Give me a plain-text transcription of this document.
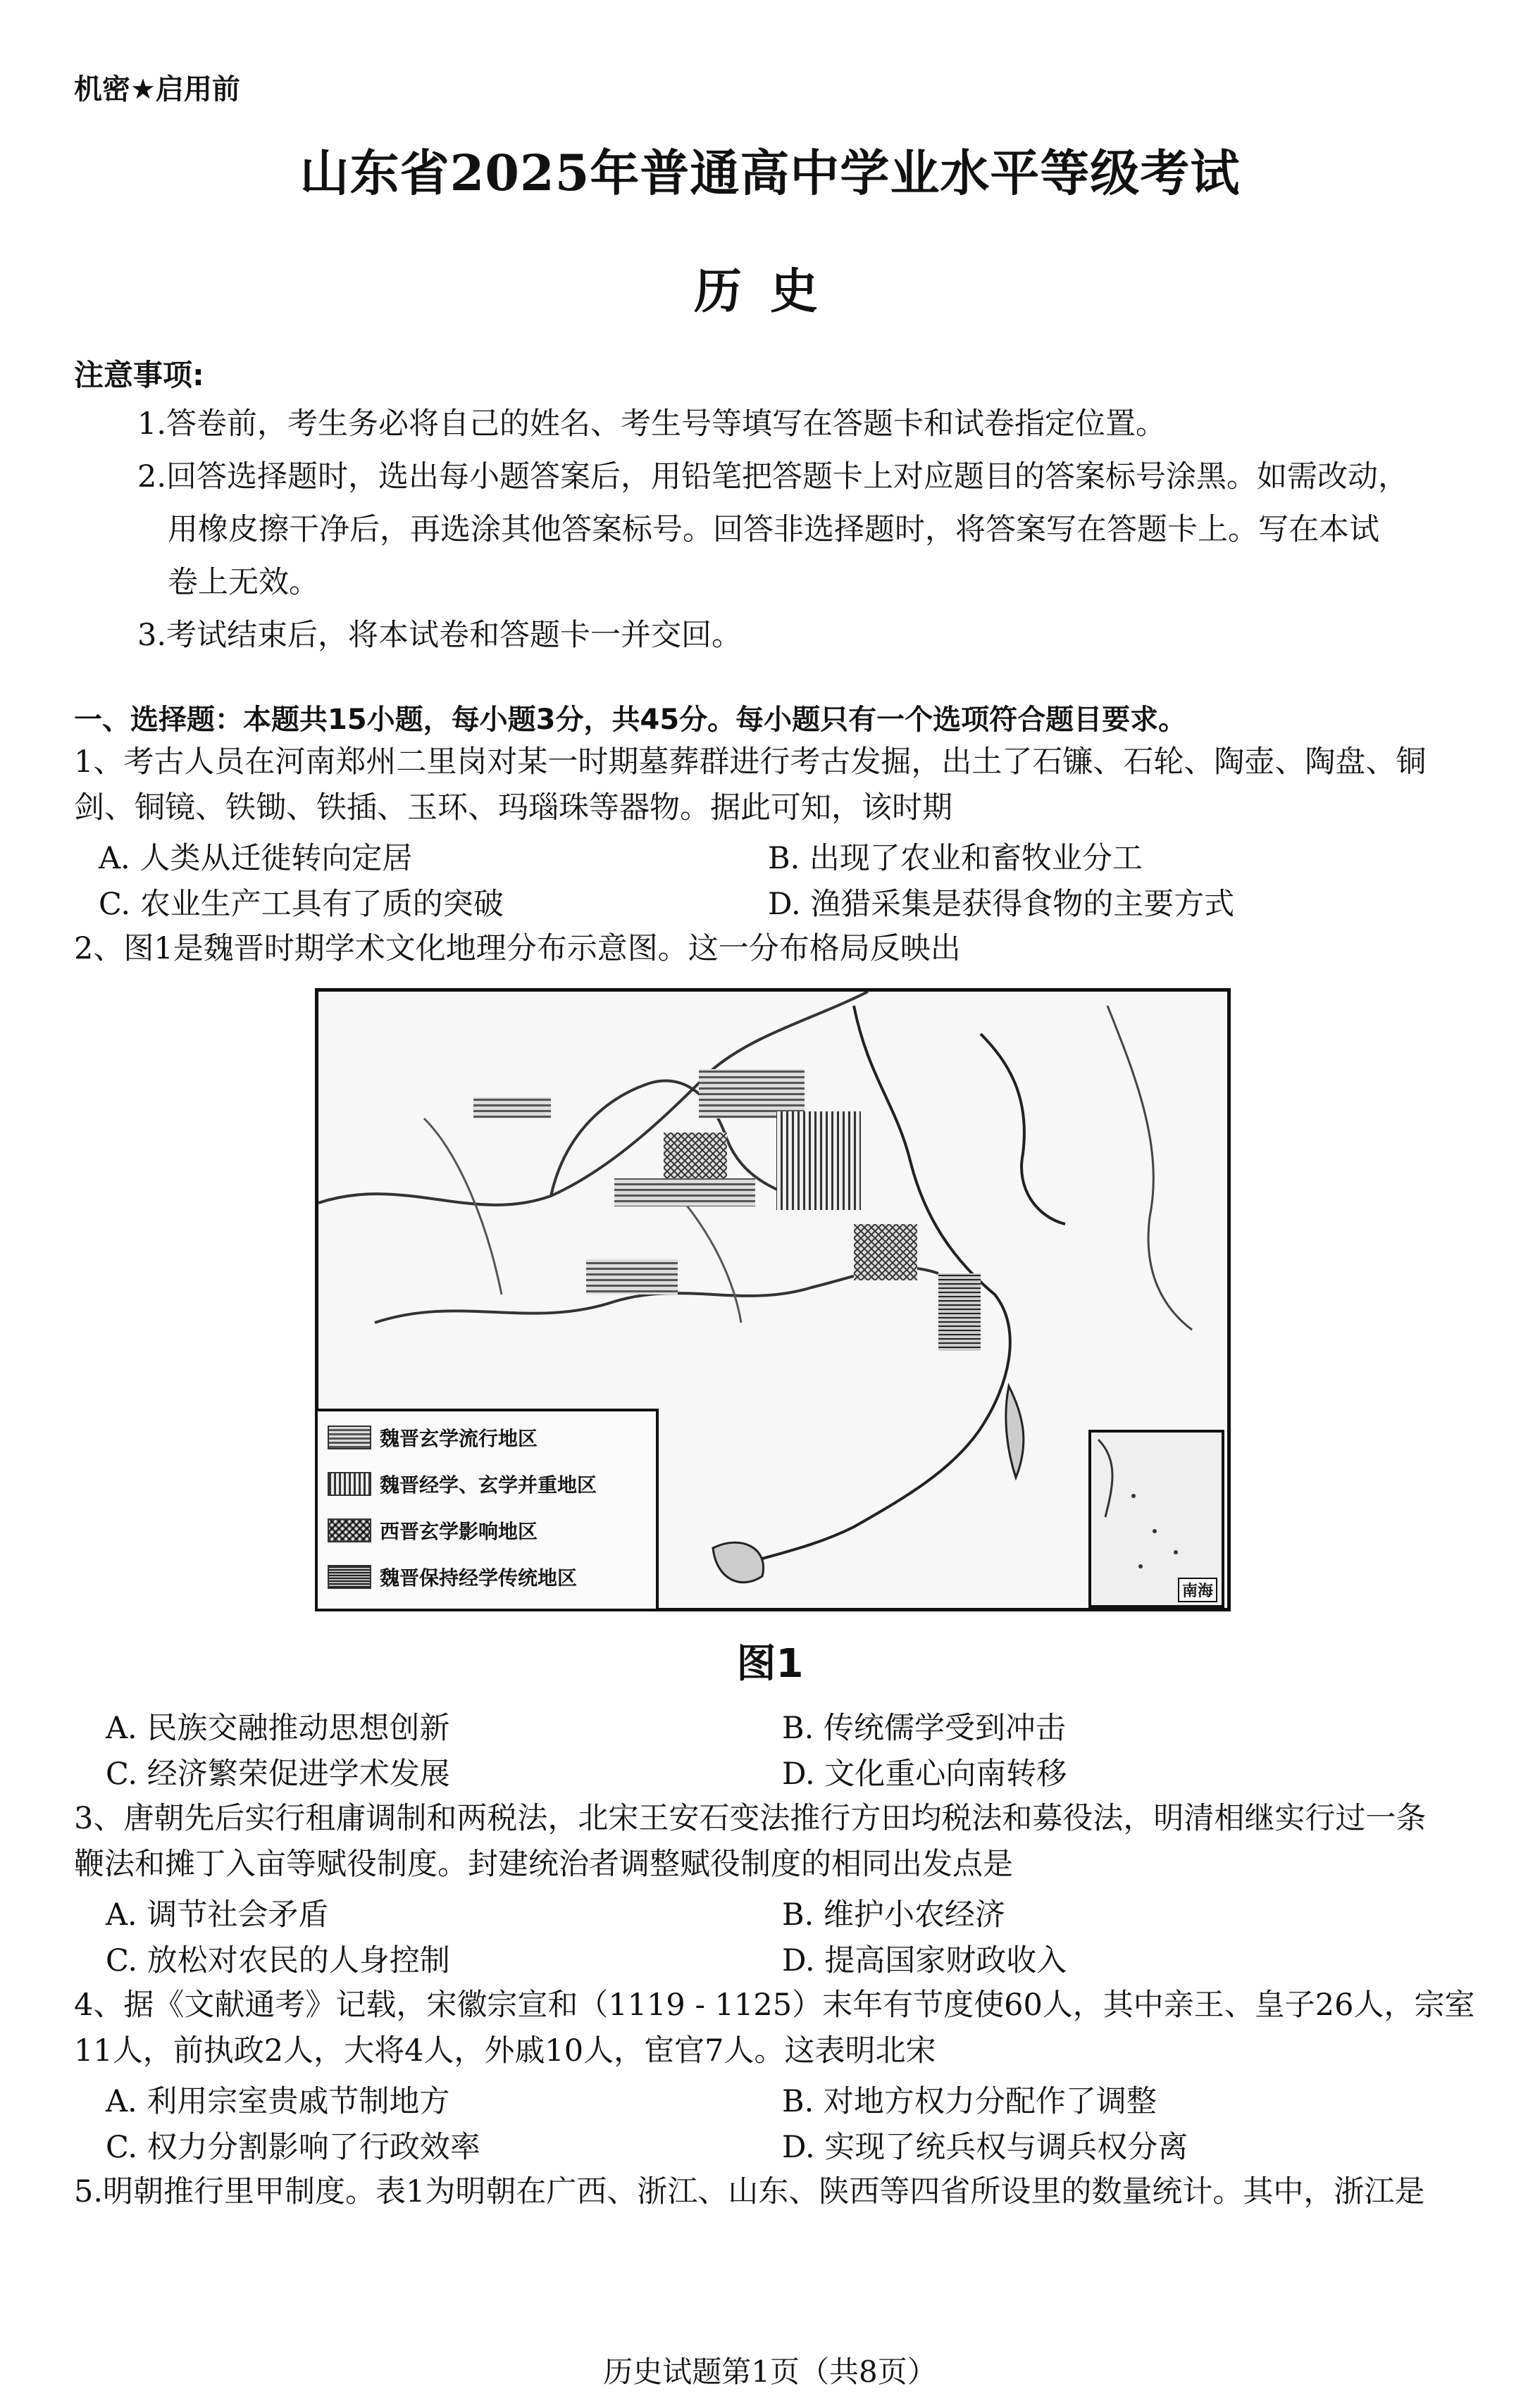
机密★启用前
山东省2025年普通高中学业水平等级考试
历史
注意事项:
1.答卷前，考生务必将自己的姓名、考生号等填写在答题卡和试卷指定位置。
2.回答选择题时，选出每小题答案后，用铅笔把答题卡上对应题目的答案标号涂黑。如需改动，
用橡皮擦干净后，再选涂其他答案标号。回答非选择题时，将答案写在答题卡上。写在本试
卷上无效。
3.考试结束后，将本试卷和答题卡一并交回。
一、选择题：本题共15小题，每小题3分，共45分。每小题只有一个选项符合题目要求。
1、考古人员在河南郑州二里岗对某一时期墓葬群进行考古发掘，出土了石镰、石轮、陶壶、陶盘、铜
剑、铜镜、铁锄、铁插、玉环、玛瑙珠等器物。据此可知，该时期
A. 人类从迁徙转向定居	B. 出现了农业和畜牧业分工
C. 农业生产工具有了质的突破	D. 渔猎采集是获得食物的主要方式
2、图1是魏晋时期学术文化地理分布示意图。这一分布格局反映出
魏晋玄学流行地区
魏晋经学、玄学并重地区
西晋玄学影响地区
魏晋保持经学传统地区
南海
图1
A. 民族交融推动思想创新	B. 传统儒学受到冲击
C. 经济繁荣促进学术发展	D. 文化重心向南转移
3、唐朝先后实行租庸调制和两税法，北宋王安石变法推行方田均税法和募役法，明清相继实行过一条
鞭法和摊丁入亩等赋役制度。封建统治者调整赋役制度的相同出发点是
A. 调节社会矛盾	B. 维护小农经济
C. 放松对农民的人身控制	D. 提高国家财政收入
4、据《文献通考》记载，宋徽宗宣和（1119 - 1125）末年有节度使60人，其中亲王、皇子26人，宗室
11人，前执政2人，大将4人，外戚10人，宦官7人。这表明北宋
A. 利用宗室贵戚节制地方	B. 对地方权力分配作了调整
C. 权力分割影响了行政效率	D. 实现了统兵权与调兵权分离
5.明朝推行里甲制度。表1为明朝在广西、浙江、山东、陕西等四省所设里的数量统计。其中，浙江是
历史试题第1页（共8页）
